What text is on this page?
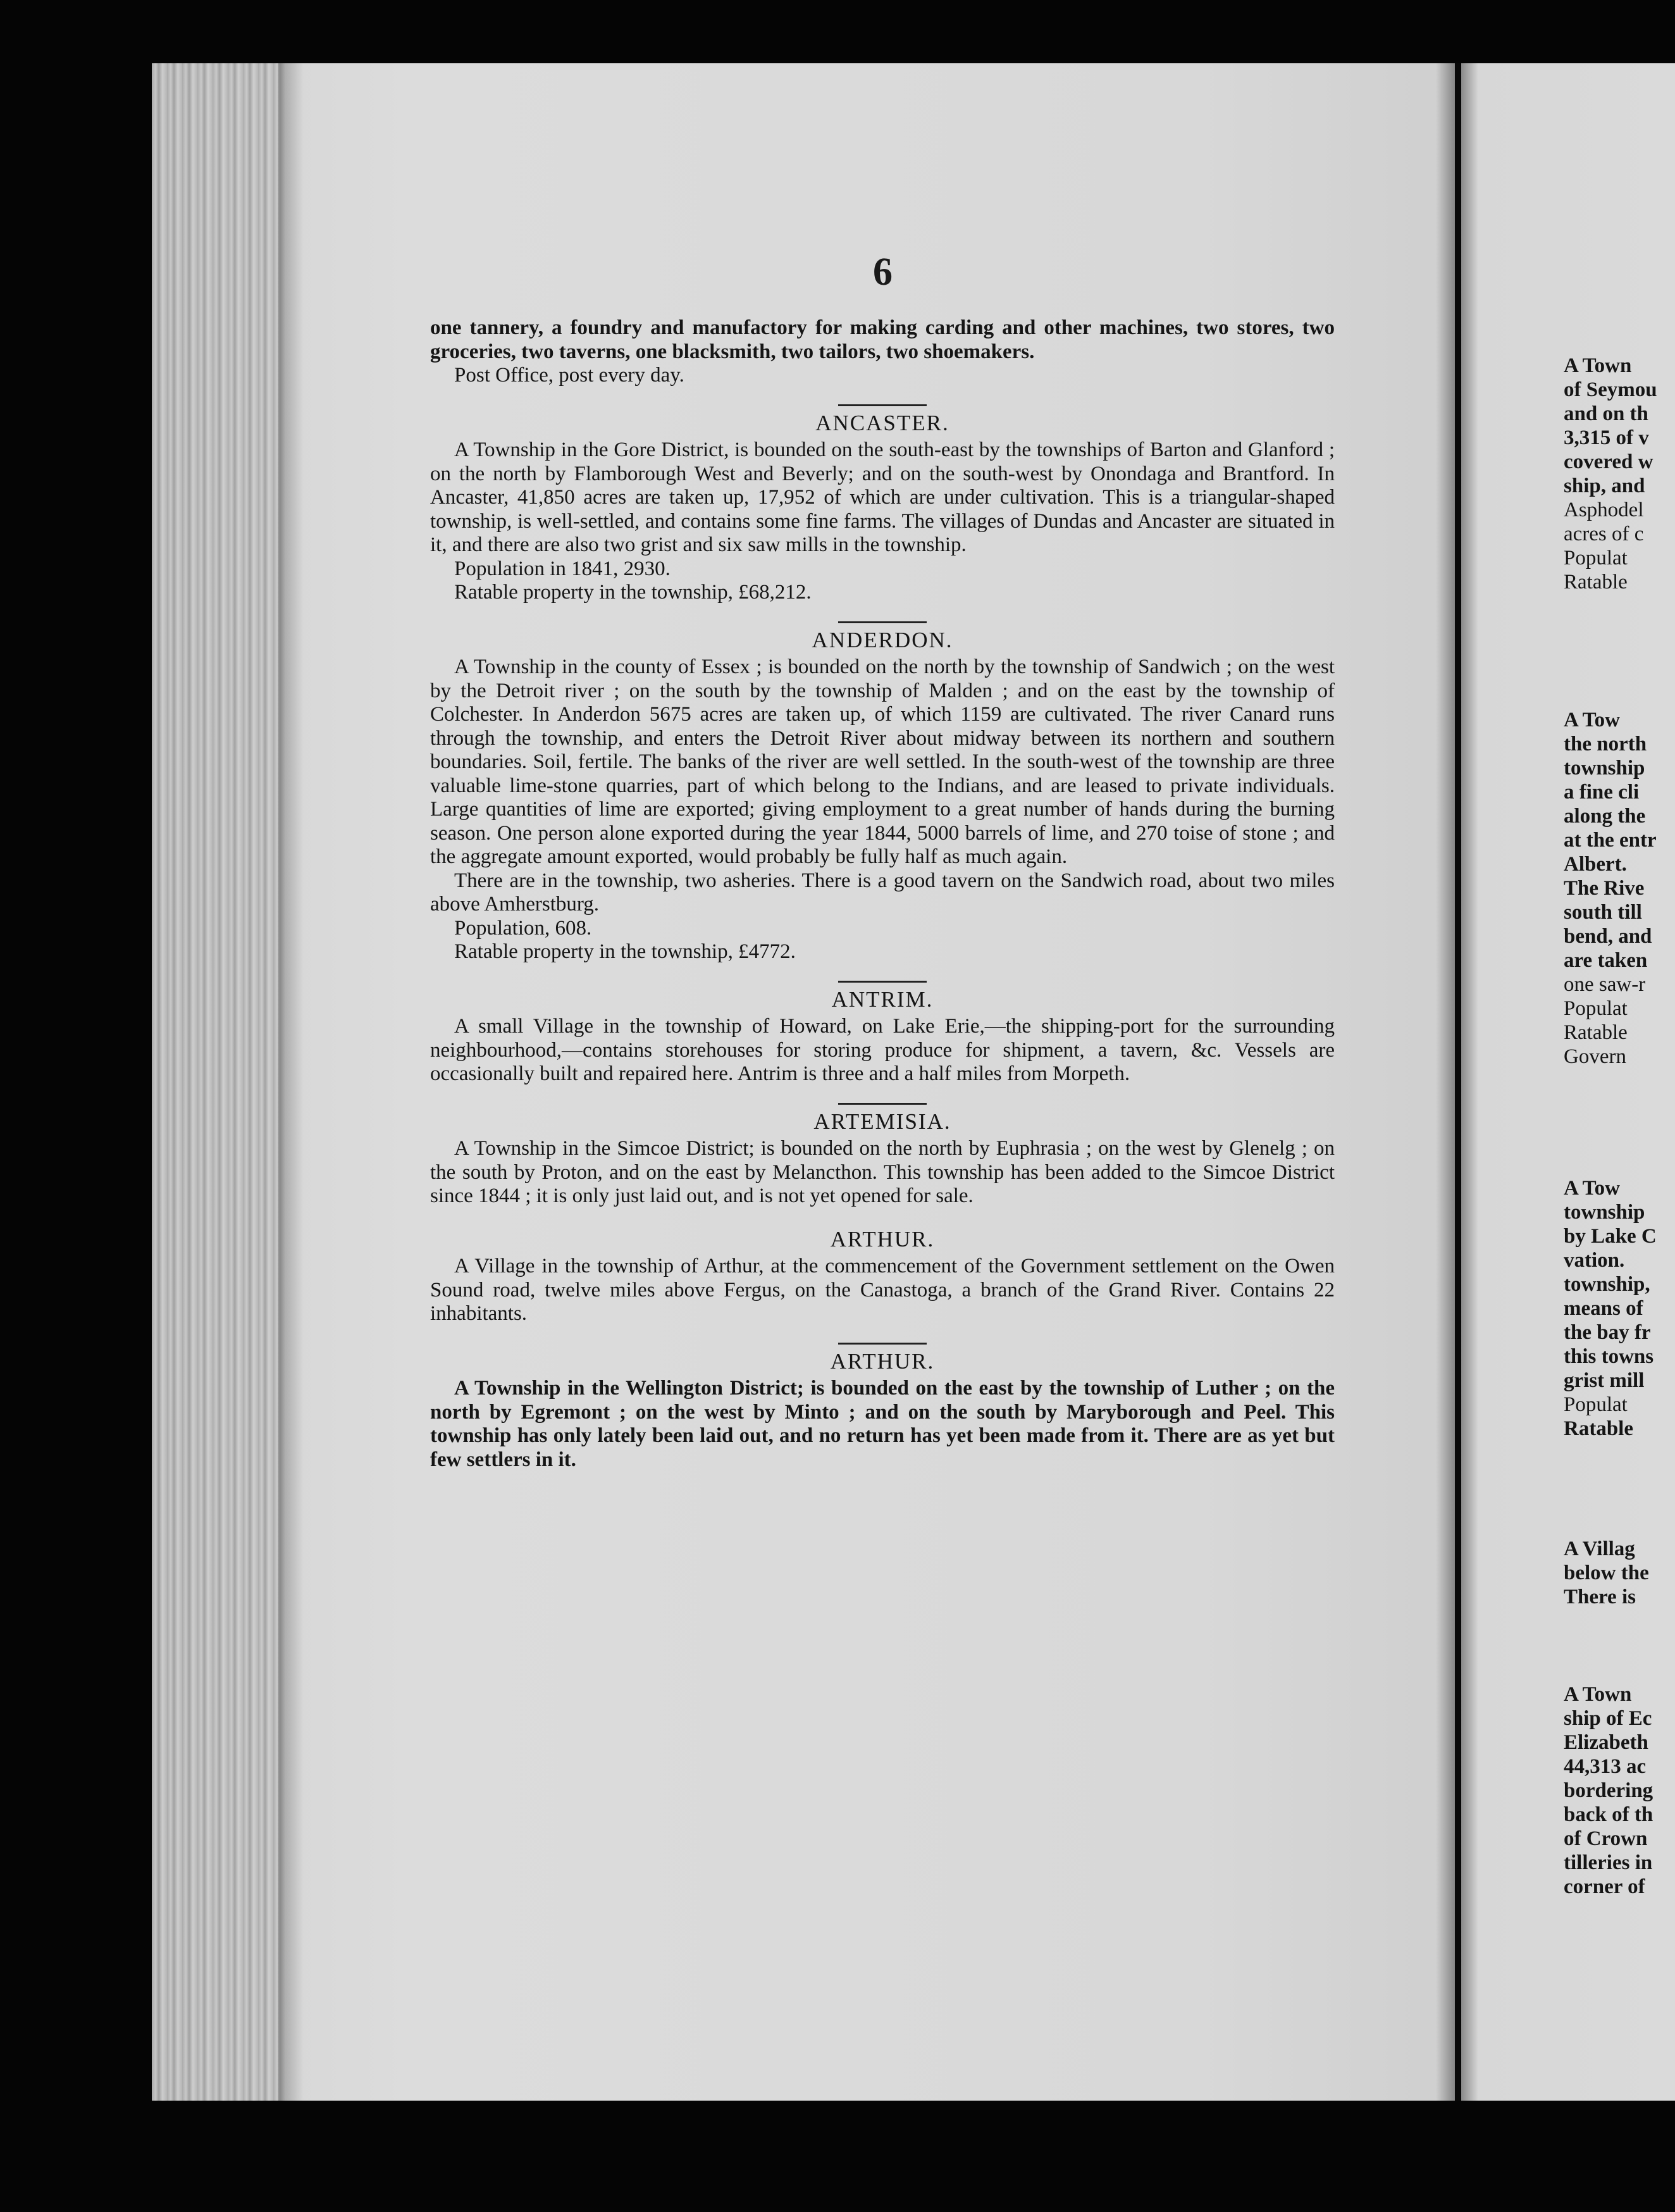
6

one tannery, a foundry and manufactory for making carding and other machines, two stores, two groceries, two taverns, one blacksmith, two tailors, two shoemakers.

Post Office, post every day.
ANCASTER.

A Township in the Gore District, is bounded on the south-east by the townships of Barton and Glanford ; on the north by Flamborough West and Beverly; and on the south-west by Onondaga and Brantford. In Ancaster, 41,850 acres are taken up, 17,952 of which are under cultivation. This is a triangular-shaped township, is well-settled, and contains some fine farms. The villages of Dundas and Ancaster are situated in it, and there are also two grist and six saw mills in the township.

Population in 1841, 2930.
Ratable property in the township, £68,212.
ANDERDON.

A Township in the county of Essex ; is bounded on the north by the township of Sandwich ; on the west by the Detroit river ; on the south by the township of Malden ; and on the east by the township of Colchester. In Anderdon 5675 acres are taken up, of which 1159 are cultivated. The river Canard runs through the township, and enters the Detroit River about midway between its northern and southern boundaries. Soil, fertile. The banks of the river are well settled. In the south-west of the township are three valuable lime-stone quarries, part of which belong to the Indians, and are leased to private individuals. Large quantities of lime are exported; giving employment to a great number of hands during the burning season. One person alone exported during the year 1844, 5000 barrels of lime, and 270 toise of stone ; and the aggregate amount exported, would probably be fully half as much again.

There are in the township, two asheries. There is a good tavern on the Sandwich road, about two miles above Amherstburg.

Population, 608.
Ratable property in the township, £4772.
ANTRIM.

A small Village in the township of Howard, on Lake Erie,—the shipping-port for the surrounding neighbourhood,—contains storehouses for storing produce for shipment, a tavern, &c. Vessels are occasionally built and repaired here. Antrim is three and a half miles from Morpeth.

ARTEMISIA.

A Township in the Simcoe District; is bounded on the north by Euphrasia ; on the west by Glenelg ; on the south by Proton, and on the east by Melancthon. This township has been added to the Simcoe District since 1844 ; it is only just laid out, and is not yet opened for sale.

ARTHUR.

A Village in the township of Arthur, at the commencement of the Government settlement on the Owen Sound road, twelve miles above Fergus, on the Canastoga, a branch of the Grand River. Contains 22 inhabitants.

ARTHUR.

A Township in the Wellington District; is bounded on the east by the township of Luther ; on the north by Egremont ; on the west by Minto ; and on the south by Maryborough and Peel. This township has only lately been laid out, and no return has yet been made from it. There are as yet but few settlers in it.

A Town
of Seymou
and on th
3,315 of v
covered w
ship, and
Asphodel
acres of c
Populat
Ratable
A Tow
the north
township
a fine cli
along the
at the entr
Albert.
The Rive
south till
bend, and
are taken
one saw-r
Populat
Ratable
Govern
A Tow
township
by Lake C
vation.
township,
means of
the bay fr
this towns
grist mill
Populat
Ratable
A Villag
below the
There is
A Town
ship of Ec
Elizabeth
44,313 ac
bordering
back of th
of Crown
tilleries in
corner of
